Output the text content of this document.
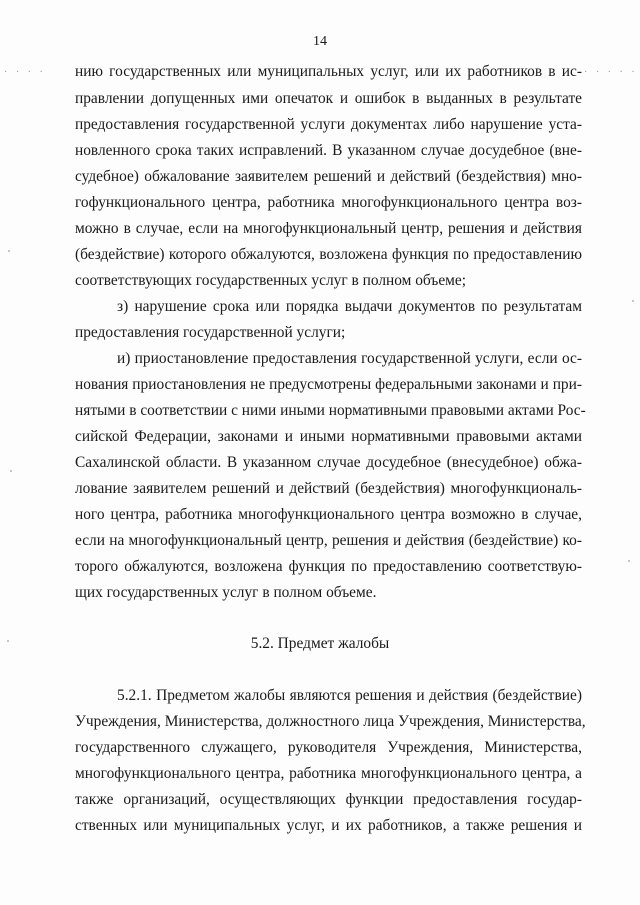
14
· · · ·	· · · · ·
нию государственных или муниципальных услуг, или их работников в ис-
правлении допущенных ими опечаток и ошибок в выданных в результате
предоставления государственной услуги документах либо нарушение уста-
новленного срока таких исправлений. В указанном случае досудебное (вне-
судебное) обжалование заявителем решений и действий (бездействия) мно-
гофункционального центра, работника многофункционального центра воз-
можно в случае, если на многофункциональный центр, решения и действия
(бездействие) которого обжалуются, возложена функция по предоставлению
соответствующих государственных услуг в полном объеме;
з) нарушение срока или порядка выдачи документов по результатам
предоставления государственной услуги;
и) приостановление предоставления государственной услуги, если ос-
нования приостановления не предусмотрены федеральными законами и при-
нятыми в соответствии с ними иными нормативными правовыми актами Рос-
сийской Федерации, законами и иными нормативными правовыми актами
Сахалинской области. В указанном случае досудебное (внесудебное) обжа-
лование заявителем решений и действий (бездействия) многофункциональ-
ного центра, работника многофункционального центра возможно в случае,
если на многофункциональный центр, решения и действия (бездействие) ко-
торого обжалуются, возложена функция по предоставлению соответствую-
щих государственных услуг в полном объеме.
5.2. Предмет жалобы
5.2.1. Предметом жалобы являются решения и действия (бездействие)
Учреждения, Министерства, должностного лица Учреждения, Министерства,
государственного служащего, руководителя Учреждения, Министерства,
многофункционального центра, работника многофункционального центра, а
также организаций, осуществляющих функции предоставления государ-
ственных или муниципальных услуг, и их работников, а также решения и
